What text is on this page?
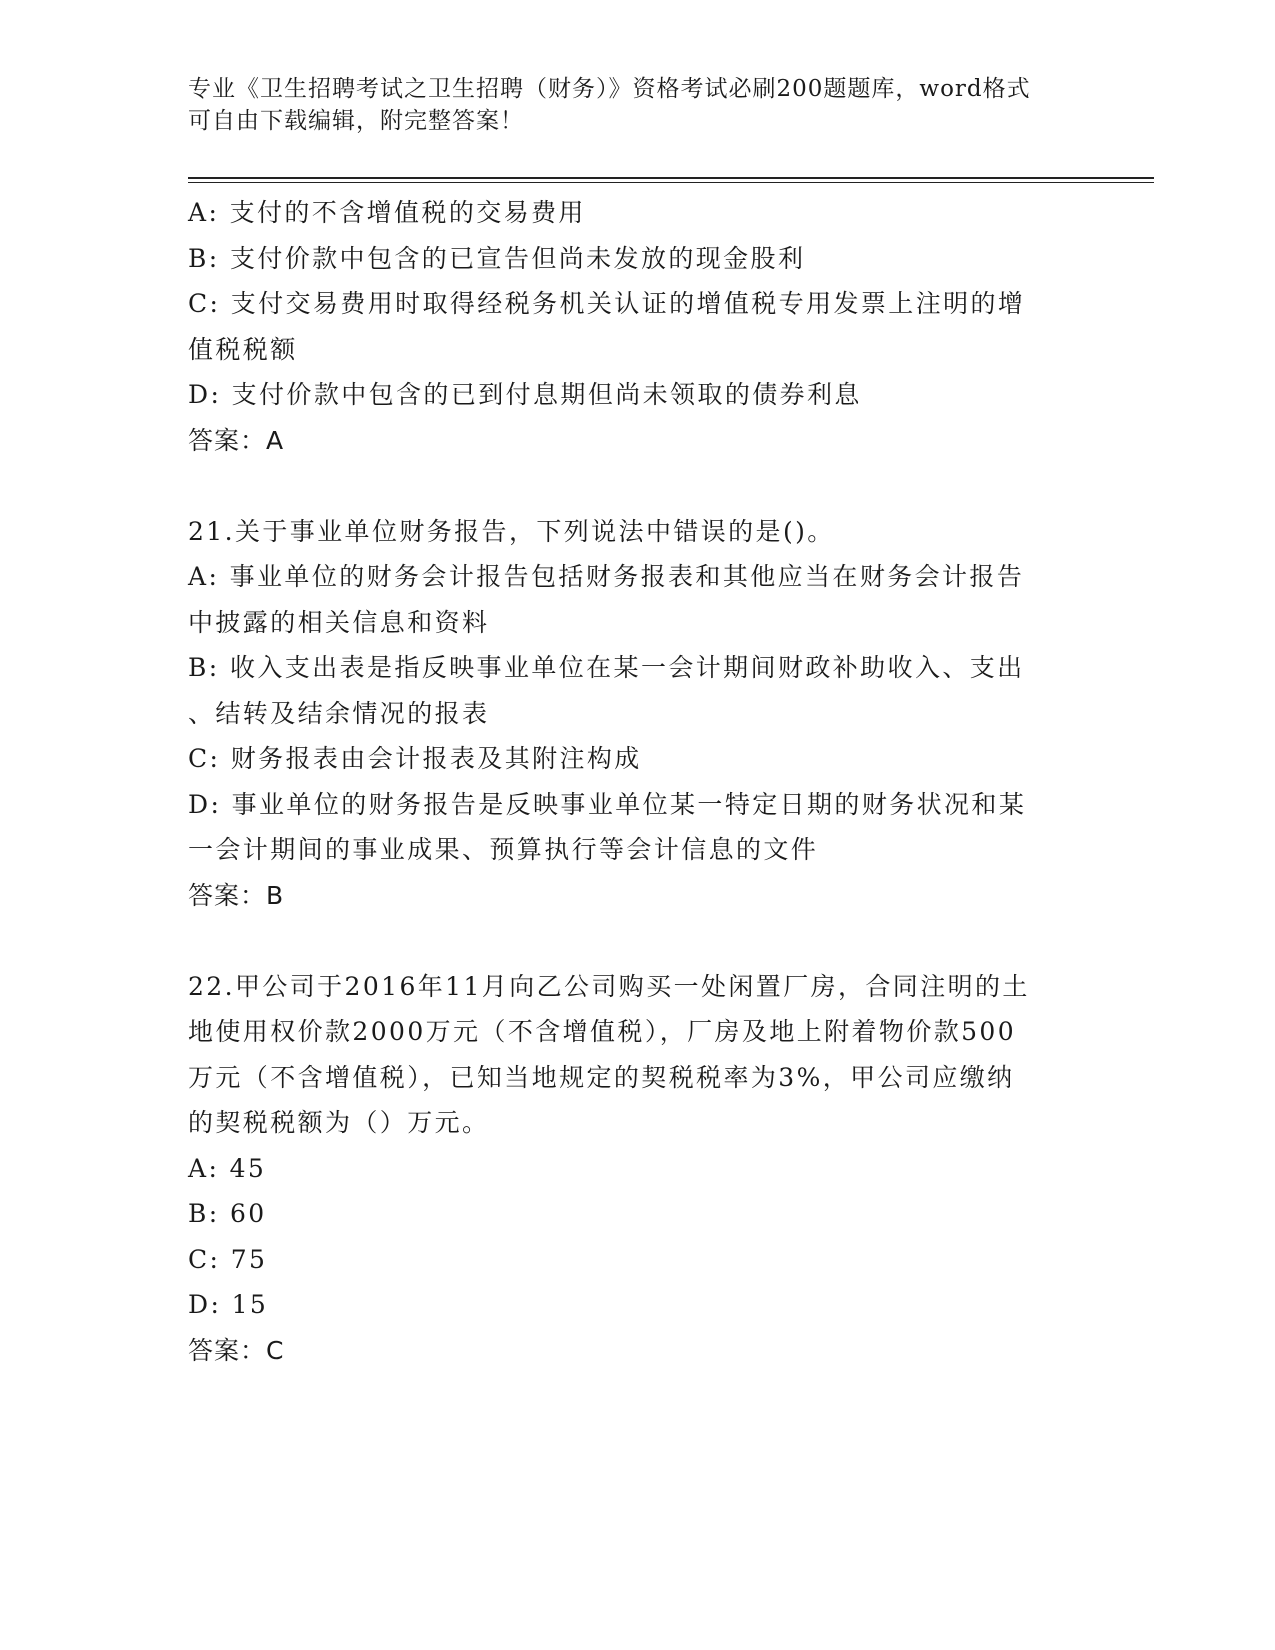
专业《卫生招聘考试之卫生招聘（财务）》资格考试必刷200题题库，word格式
可自由下载编辑，附完整答案！
A: 支付的不含增值税的交易费用
B: 支付价款中包含的已宣告但尚未发放的现金股利
C: 支付交易费用时取得经税务机关认证的增值税专用发票上注明的增
值税税额
D: 支付价款中包含的已到付息期但尚未领取的债券利息
答案：A
21.关于事业单位财务报告，下列说法中错误的是()。
A: 事业单位的财务会计报告包括财务报表和其他应当在财务会计报告
中披露的相关信息和资料
B: 收入支出表是指反映事业单位在某一会计期间财政补助收入、支出
、结转及结余情况的报表
C: 财务报表由会计报表及其附注构成
D: 事业单位的财务报告是反映事业单位某一特定日期的财务状况和某
一会计期间的事业成果、预算执行等会计信息的文件
答案：B
22.甲公司于2016年11月向乙公司购买一处闲置厂房，合同注明的土
地使用权价款2000万元（不含增值税），厂房及地上附着物价款500
万元（不含增值税），已知当地规定的契税税率为3%，甲公司应缴纳
的契税税额为（）万元。
A: 45
B: 60
C: 75
D: 15
答案：C
